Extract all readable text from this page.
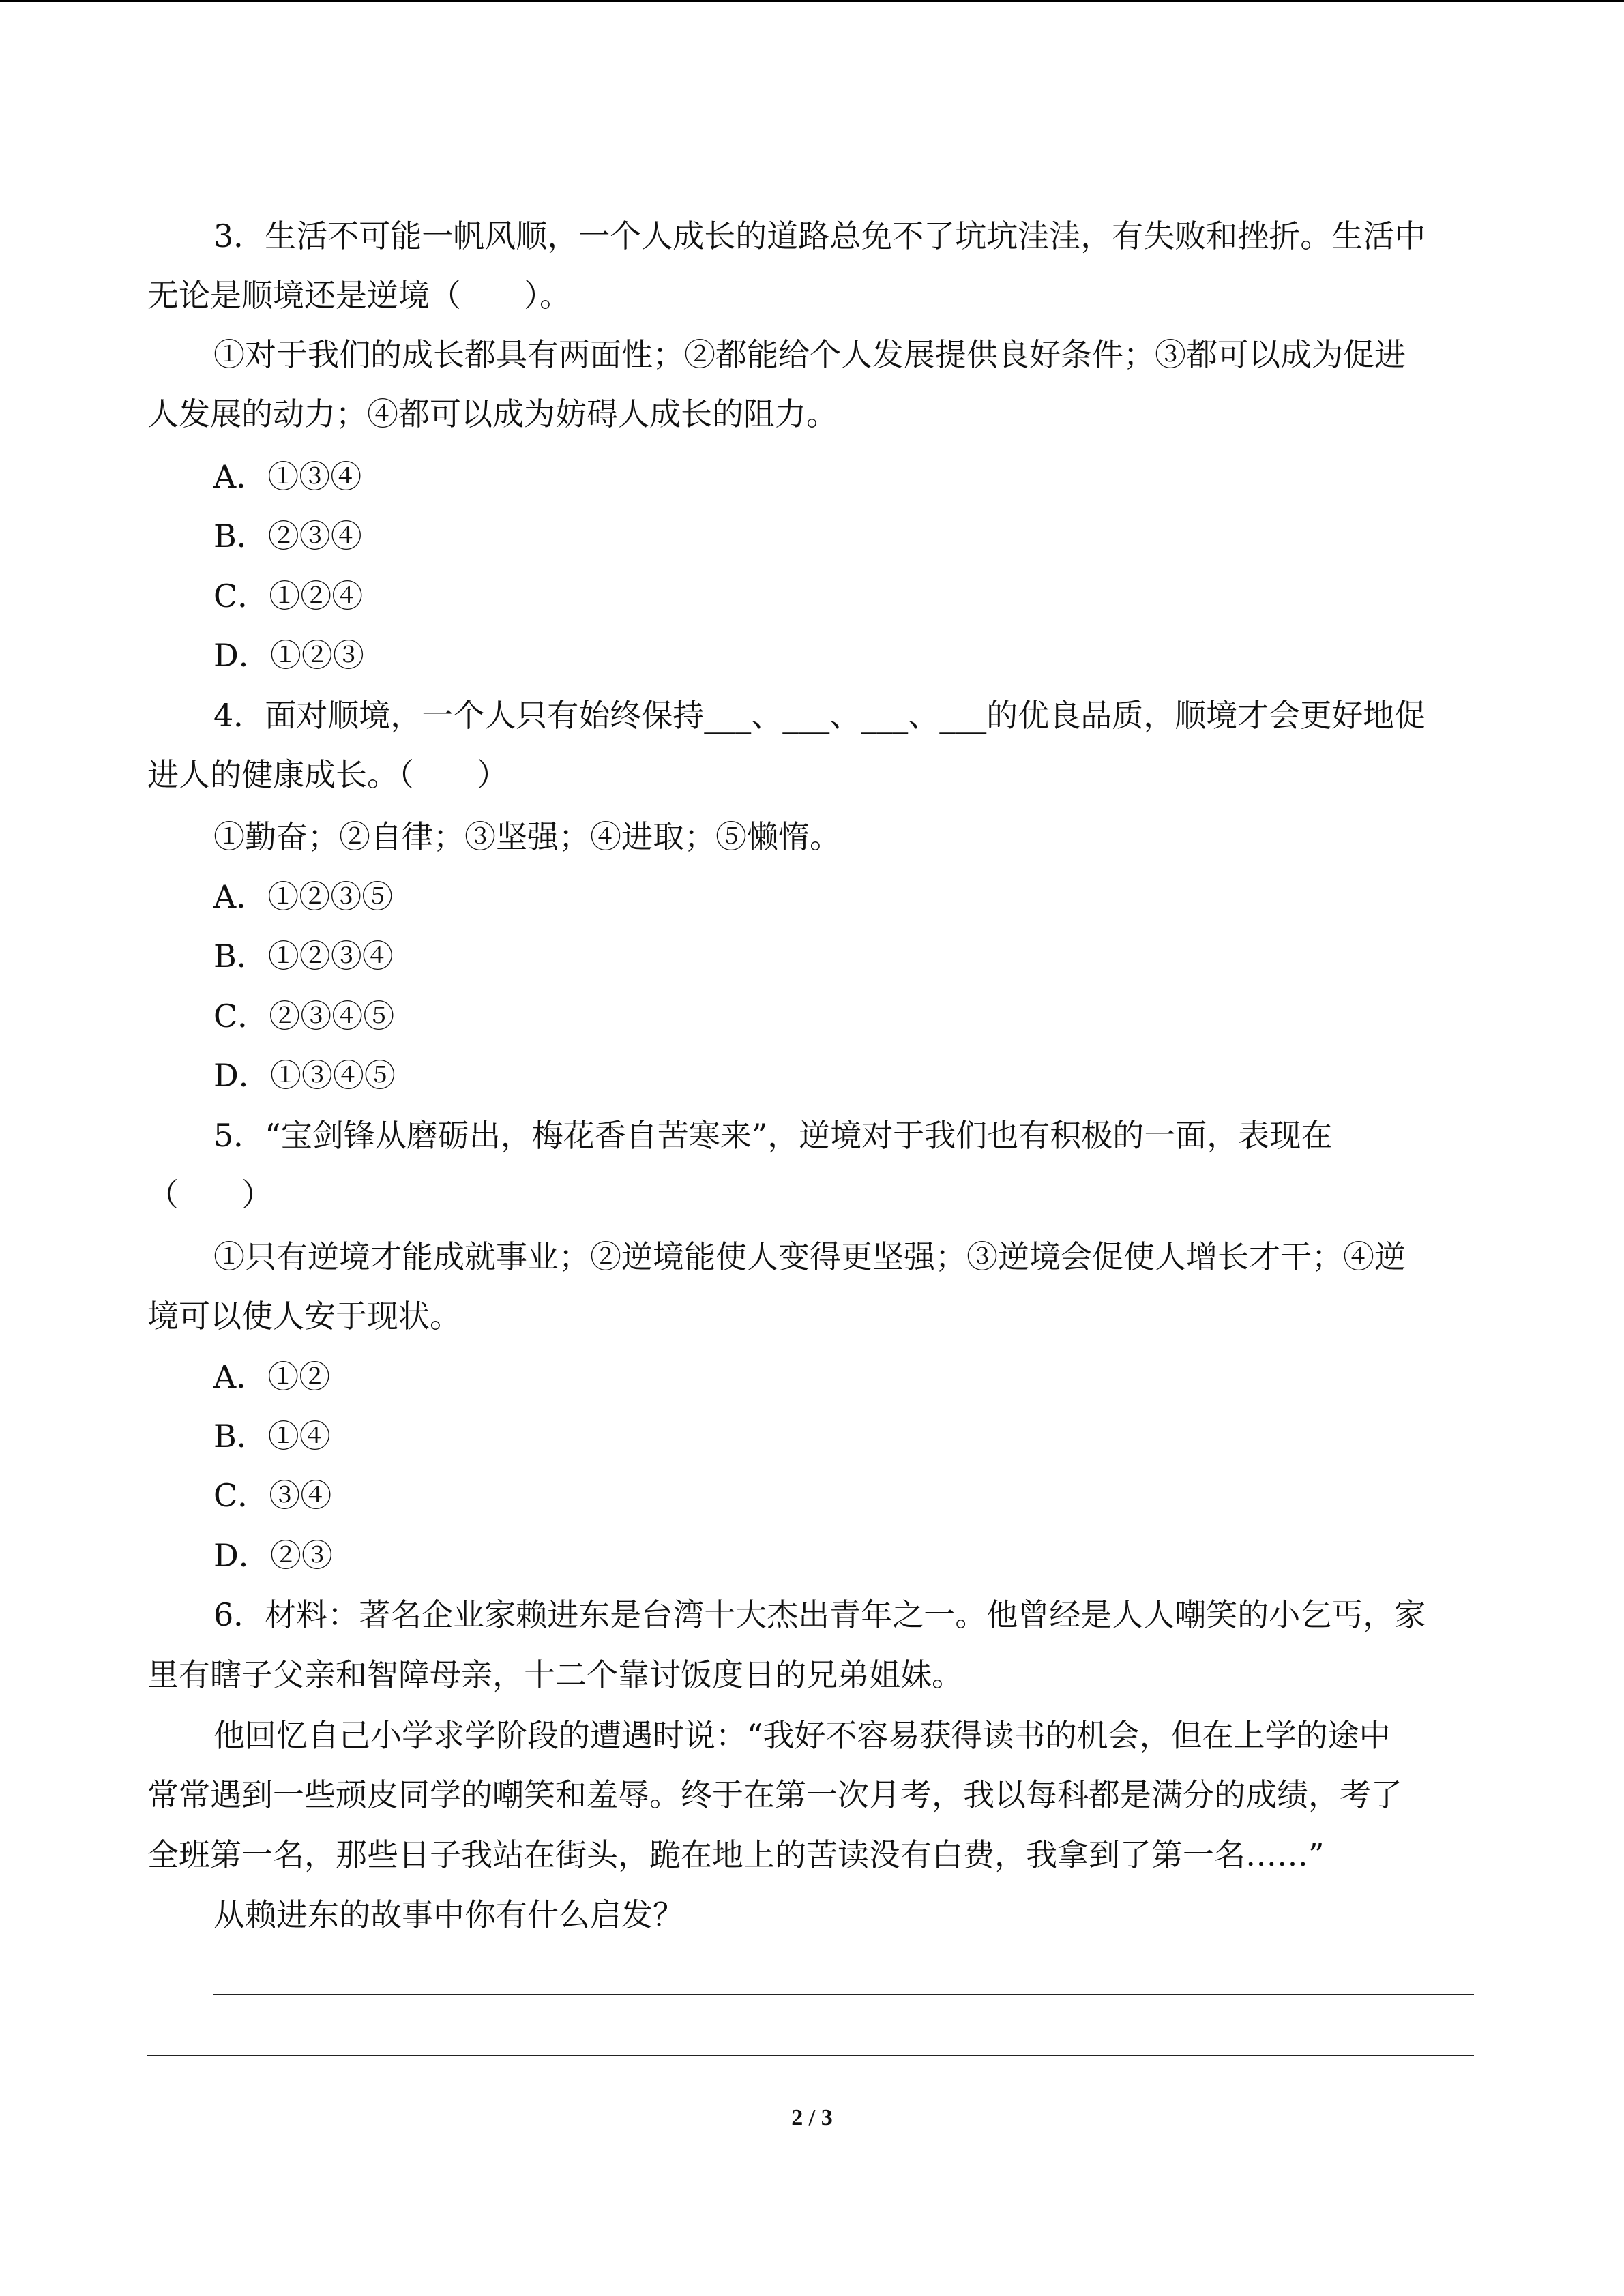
3．生活不可能一帆风顺，一个人成长的道路总免不了坑坑洼洼，有失败和挫折。生活中
无论是顺境还是逆境（　　）。
①对于我们的成长都具有两面性；②都能给个人发展提供良好条件；③都可以成为促进
人发展的动力；④都可以成为妨碍人成长的阻力。
A．①③④
B．②③④
C．①②④
D．①②③
4．面对顺境，一个人只有始终保持___、___、___、___的优良品质，顺境才会更好地促
进人的健康成长。（　　）
①勤奋；②自律；③坚强；④进取；⑤懒惰。
A．①②③⑤
B．①②③④
C．②③④⑤
D．①③④⑤
5．“宝剑锋从磨砺出，梅花香自苦寒来”，逆境对于我们也有积极的一面，表现在
（　　）
①只有逆境才能成就事业；②逆境能使人变得更坚强；③逆境会促使人增长才干；④逆
境可以使人安于现状。
A．①②
B．①④
C．③④
D．②③
6．材料：著名企业家赖进东是台湾十大杰出青年之一。他曾经是人人嘲笑的小乞丐，家
里有瞎子父亲和智障母亲，十二个靠讨饭度日的兄弟姐妹。
他回忆自己小学求学阶段的遭遇时说：“我好不容易获得读书的机会，但在上学的途中
常常遇到一些顽皮同学的嘲笑和羞辱。终于在第一次月考，我以每科都是满分的成绩，考了
全班第一名，那些日子我站在街头，跪在地上的苦读没有白费，我拿到了第一名……”
从赖进东的故事中你有什么启发？
2 / 3
